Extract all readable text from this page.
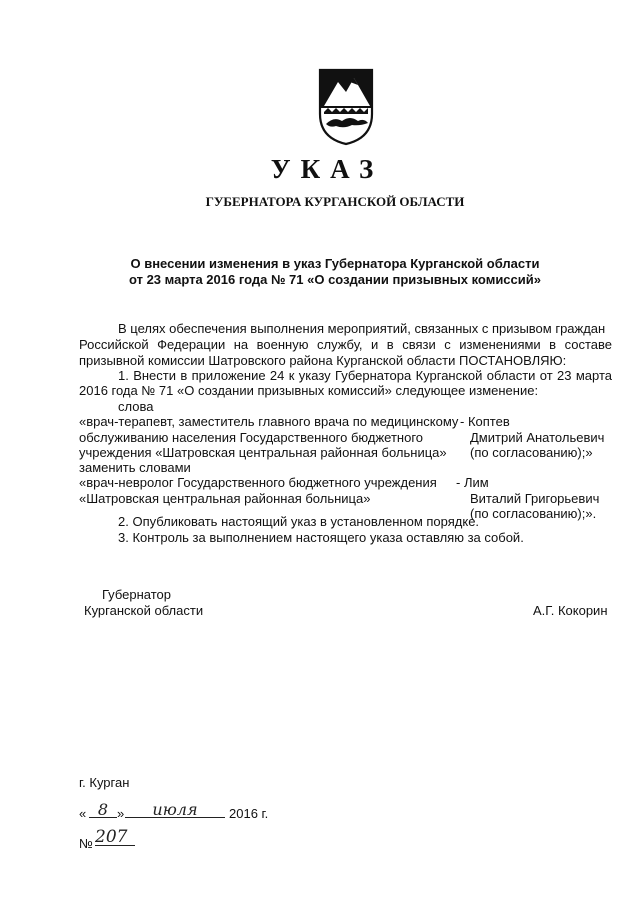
УКАЗ
ГУБЕРНАТОРА КУРГАНСКОЙ ОБЛАСТИ
О внесении изменения в указ Губернатора Курганской области
от 23 марта 2016 года № 71 «О создании призывных комиссий»
В целях обеспечения выполнения мероприятий, связанных с призывом граждан
Российской Федерации на военную службу, и в связи с изменениями в составе
призывной комиссии Шатровского района Курганской области ПОСТАНОВЛЯЮ:
1. Внести в приложение 24 к указу Губернатора Курганской области от 23 марта
2016 года № 71 «О создании призывных комиссий» следующее изменение:
слова
«врач-терапевт, заместитель главного врача по медицинскому - Коптев
обслуживанию населения Государственного бюджетного	Дмитрий Анатольевич
учреждения «Шатровская центральная районная больница» (по согласованию);»
заменить словами
«врач-невролог Государственного бюджетного учреждения - Лим
«Шатровская центральная районная больница»	Виталий Григорьевич
(по согласованию);».
2. Опубликовать настоящий указ в установленном порядке.
3. Контроль за выполнением настоящего указа оставляю за собой.
Губернатор
Курганской области	А.Г. Кокорин
г. Курган
« 8 »	июля	2016 г.
№ 207
